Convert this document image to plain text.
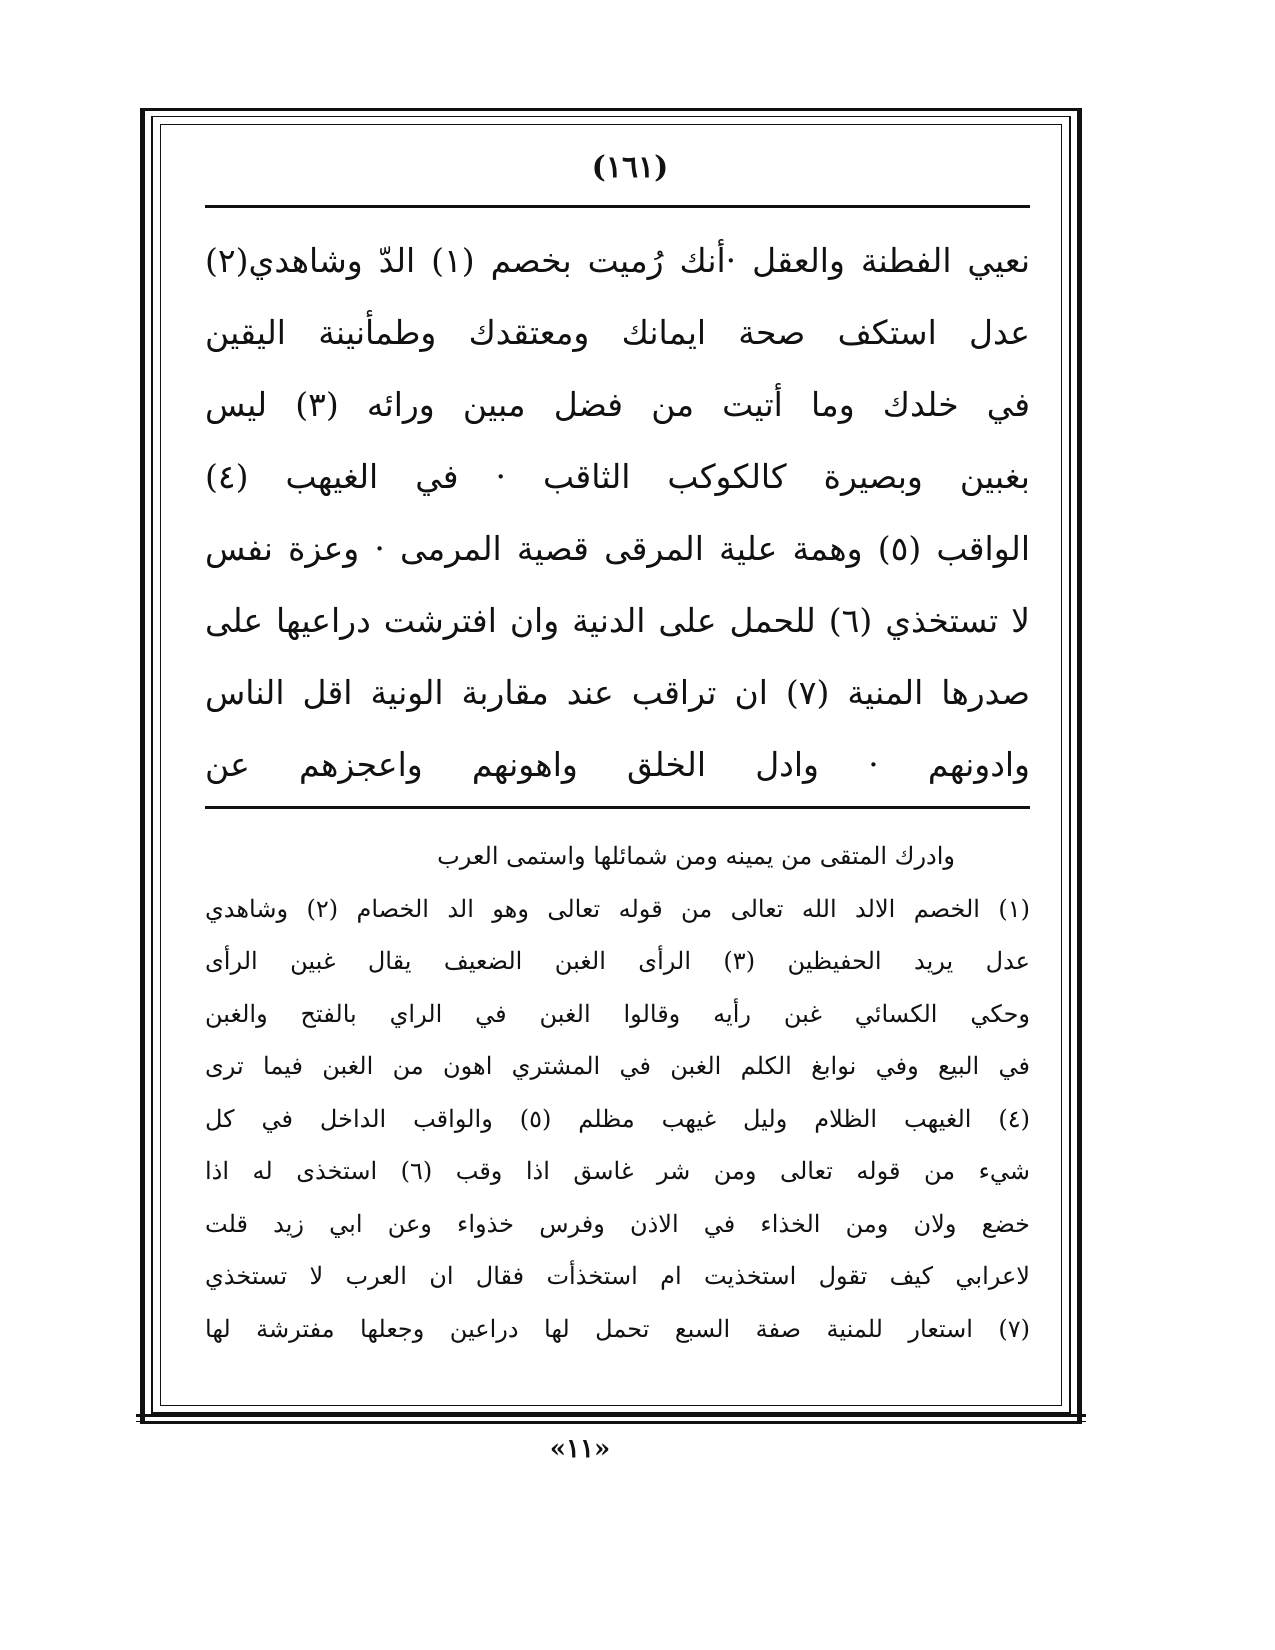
(١٦١)
نعيي الفطنة والعقل ·أنك رُميت بخصم (١) الدّ وشاهدي(٢)
عدل استكف صحة ايمانك ومعتقدك وطمأنينة اليقين
في خلدك وما أتيت من فضل مبين ورائه (٣) ليس
بغبين وبصيرة كالكوكب الثاقب · في الغيهب (٤)
الواقب (٥) وهمة علية المرقى قصية المرمى · وعزة نفس
لا تستخذي (٦) للحمل على الدنية وان افترشت دراعيها على
صدرها المنية (٧) ان تراقب عند مقاربة الونية اقل الناس
وادونهم · وادل الخلق واهونهم واعجزهم عن
وادرك المتقى من يمينه ومن شمائلها واستمى العرب
(١) الخصم الالد الله تعالى من قوله تعالى وهو الد الخصام (٢) وشاهدي
عدل يريد الحفيظين (٣) الرأى الغبن الضعيف يقال غبين الرأى
وحكي الكسائي غبن رأيه وقالوا الغبن في الراي بالفتح والغبن
في البيع وفي نوابغ الكلم الغبن في المشتري اهون من الغبن فيما ترى
(٤) الغيهب الظلام وليل غيهب مظلم (٥) والواقب الداخل في كل
شيء من قوله تعالى ومن شر غاسق اذا وقب (٦) استخذى له اذا
خضع ولان ومن الخذاء في الاذن وفرس خذواء وعن ابي زيد قلت
لاعرابي كيف تقول استخذيت ام استخذأت فقال ان العرب لا تستخذي
(٧) استعار للمنية صفة السبع تحمل لها دراعين وجعلها مفترشة لها
«١١»
